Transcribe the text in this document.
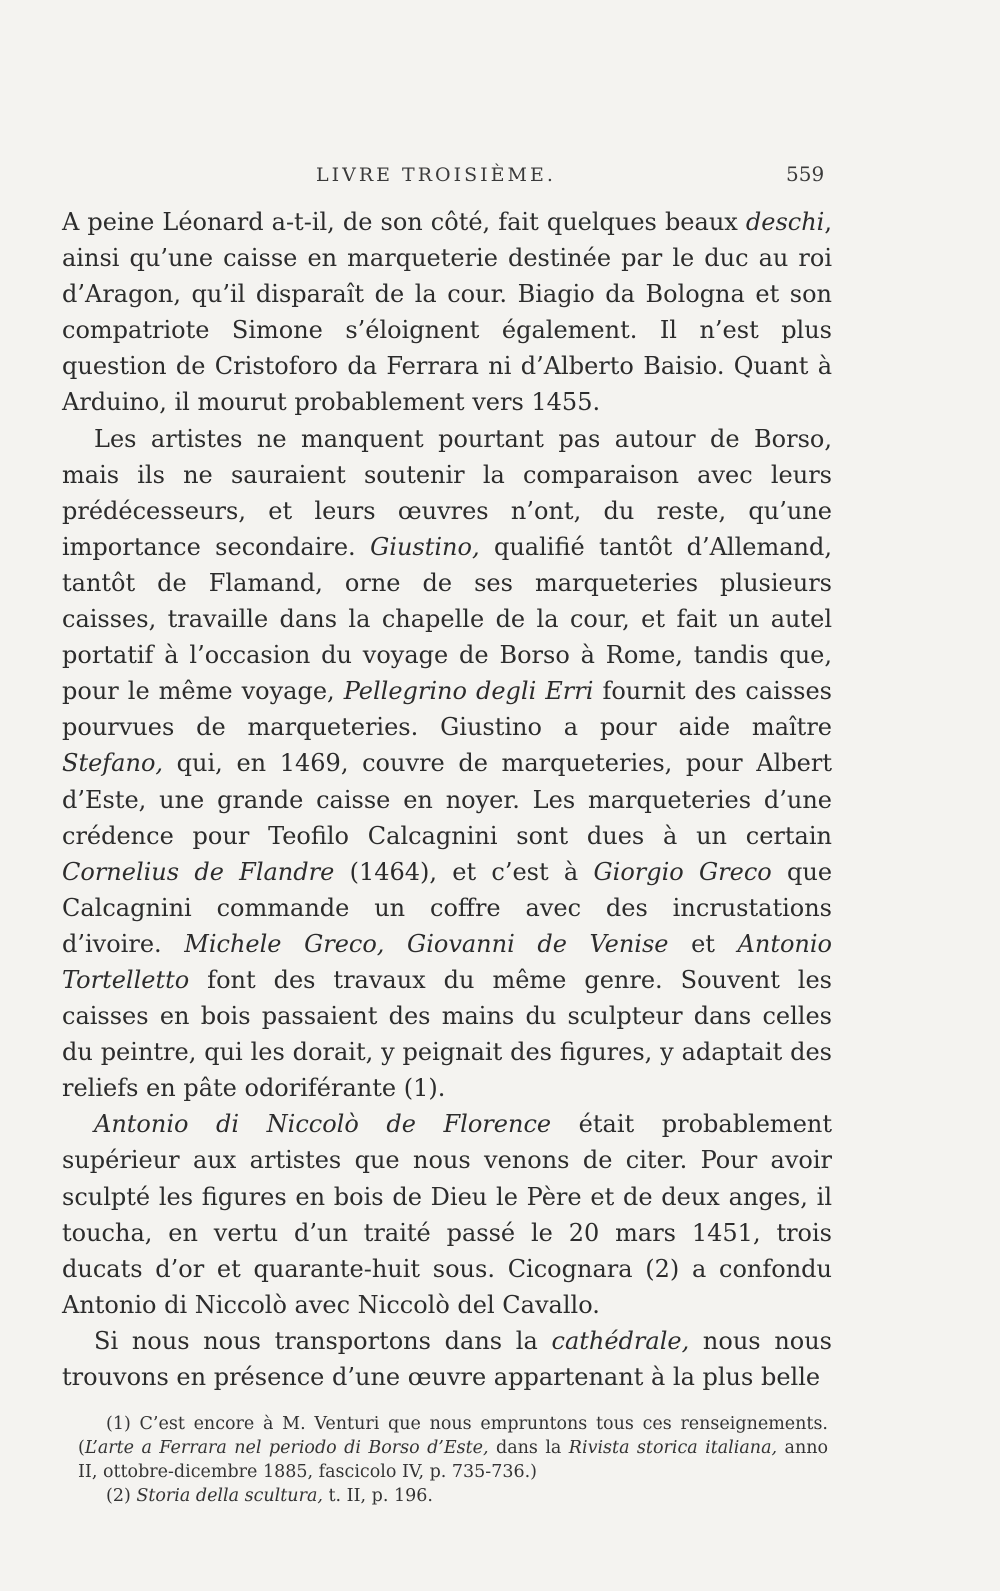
LIVRE TROISIÈME.	559

A peine Léonard a-t-il, de son côté, fait quelques beaux deschi, ainsi qu’une caisse en marqueterie destinée par le duc au roi d’Aragon, qu’il disparaît de la cour. Biagio da Bologna et son compatriote Simone s’éloignent également. Il n’est plus question de Cristoforo da Ferrara ni d’Alberto Baisio. Quant à Arduino, il mourut probablement vers 1455.

Les artistes ne manquent pourtant pas autour de Borso, mais ils ne sauraient soutenir la comparaison avec leurs prédécesseurs, et leurs œuvres n’ont, du reste, qu’une importance secondaire. Giustino, qualifié tantôt d’Allemand, tantôt de Flamand, orne de ses marqueteries plusieurs caisses, travaille dans la chapelle de la cour, et fait un autel portatif à l’occasion du voyage de Borso à Rome, tandis que, pour le même voyage, Pellegrino degli Erri fournit des caisses pourvues de marqueteries. Giustino a pour aide maître Stefano, qui, en 1469, couvre de marqueteries, pour Albert d’Este, une grande caisse en noyer. Les marqueteries d’une crédence pour Teofilo Calcagnini sont dues à un certain Cornelius de Flandre (1464), et c’est à Giorgio Greco que Calcagnini commande un coffre avec des incrustations d’ivoire. Michele Greco, Giovanni de Venise et Antonio Tortelletto font des travaux du même genre. Souvent les caisses en bois passaient des mains du sculpteur dans celles du peintre, qui les dorait, y peignait des figures, y adaptait des reliefs en pâte odoriférante (1).

Antonio di Niccolò de Florence était probablement supérieur aux artistes que nous venons de citer. Pour avoir sculpté les figures en bois de Dieu le Père et de deux anges, il toucha, en vertu d’un traité passé le 20 mars 1451, trois ducats d’or et quarante-huit sous. Cicognara (2) a confondu Antonio di Niccolò avec Niccolò del Cavallo.

Si nous nous transportons dans la cathédrale, nous nous trouvons en présence d’une œuvre appartenant à la plus belle

(1) C’est encore à M. Venturi que nous empruntons tous ces renseignements. (L’arte a Ferrara nel periodo di Borso d’Este, dans la Rivista storica italiana, anno II, ottobre-dicembre 1885, fascicolo IV, p. 735-736.)

(2) Storia della scultura, t. II, p. 196.
